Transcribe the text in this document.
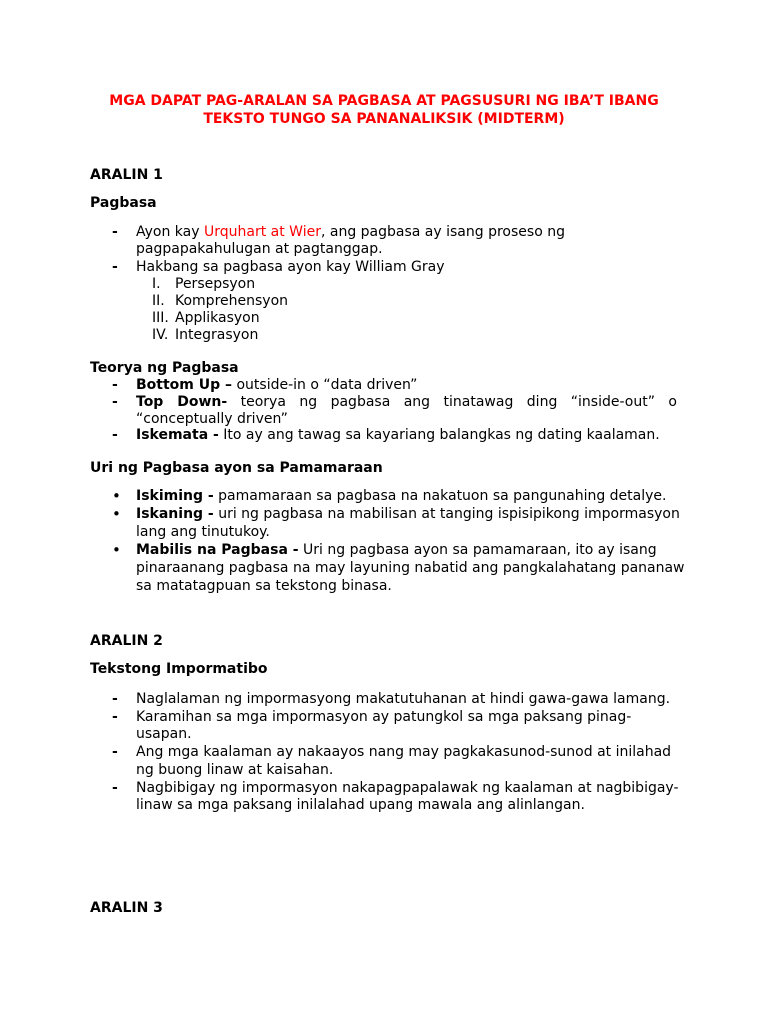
MGA DAPAT PAG-ARALAN SA PAGBASA AT PAGSUSURI NG IBA’T IBANG
TEKSTO TUNGO SA PANANALIKSIK (MIDTERM)
ARALIN 1
Pagbasa
- Ayon kay Urquhart at Wier, ang pagbasa ay isang proseso ng
pagpapakahulugan at pagtanggap.
- Hakbang sa pagbasa ayon kay William Gray
I. Persepsyon
II. Komprehensyon
III. Applikasyon
IV. Integrasyon
Teorya ng Pagbasa
- Bottom Up – outside-in o “data driven”
- Top Down- teorya ng pagbasa ang tinatawag ding “inside-out” o
“conceptually driven”
- Iskemata - Ito ay ang tawag sa kayariang balangkas ng dating kaalaman.
Uri ng Pagbasa ayon sa Pamamaraan
• Iskiming - pamamaraan sa pagbasa na nakatuon sa pangunahing detalye.
• Iskaning - uri ng pagbasa na mabilisan at tanging ispisipikong impormasyon
lang ang tinutukoy.
• Mabilis na Pagbasa - Uri ng pagbasa ayon sa pamamaraan, ito ay isang
pinaraanang pagbasa na may layuning nabatid ang pangkalahatang pananaw
sa matatagpuan sa tekstong binasa.
ARALIN 2
Tekstong Impormatibo
- Naglalaman ng impormasyong makatutuhanan at hindi gawa-gawa lamang.
- Karamihan sa mga impormasyon ay patungkol sa mga paksang pinag-
usapan.
- Ang mga kaalaman ay nakaayos nang may pagkakasunod-sunod at inilahad
ng buong linaw at kaisahan.
- Nagbibigay ng impormasyon nakapagpapalawak ng kaalaman at nagbibigay-
linaw sa mga paksang inilalahad upang mawala ang alinlangan.
ARALIN 3
